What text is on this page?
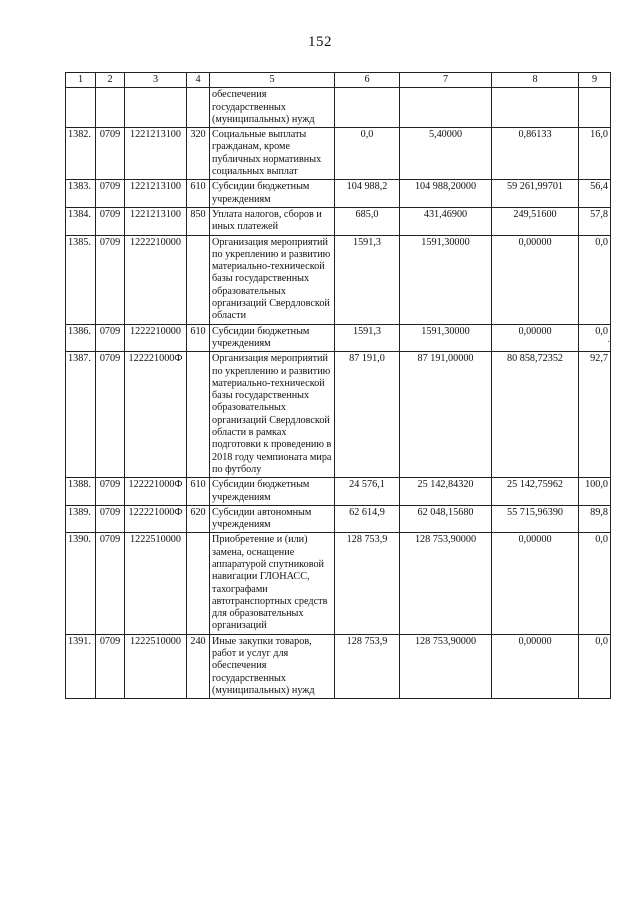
152
1	2	3	4	5	6	7	8	9
				обеспечения государственных (муниципальных) нужд				
1382.	0709	1221213100	320	Социальные выплаты гражданам, кроме публичных нормативных социальных выплат	0,0	5,40000	0,86133	16,0
1383.	0709	1221213100	610	Субсидии бюджетным учреждениям	104 988,2	104 988,20000	59 261,99701	56,4
1384.	0709	1221213100	850	Уплата налогов, сборов и иных платежей	685,0	431,46900	249,51600	57,8
1385.	0709	1222210000		Организация мероприятий по укреплению и развитию материально-технической базы государственных образовательных организаций Свердловской области	1591,3	1591,30000	0,00000	0,0
1386.	0709	1222210000	610	Субсидии бюджетным учреждениям	1591,3	1591,30000	0,00000	0,0
1387.	0709	122221000Ф		Организация мероприятий по укреплению и развитию материально-технической базы государственных образовательных организаций Свердловской области в рамках подготовки к проведению в 2018 году чемпионата мира по футболу	87 191,0	87 191,00000	80 858,72352	92,7
1388.	0709	122221000Ф	610	Субсидии бюджетным учреждениям	24 576,1	25 142,84320	25 142,75962	100,0
1389.	0709	122221000Ф	620	Субсидии автономным учреждениям	62 614,9	62 048,15680	55 715,96390	89,8
1390.	0709	1222510000		Приобретение и (или) замена, оснащение аппаратурой спутниковой навигации ГЛОНАСС, тахографами автотранспортных средств для образовательных организаций	128 753,9	128 753,90000	0,00000	0,0
1391.	0709	1222510000	240	Иные закупки товаров, работ и услуг для обеспечения государственных (муниципальных) нужд	128 753,9	128 753,90000	0,00000	0,0
·
